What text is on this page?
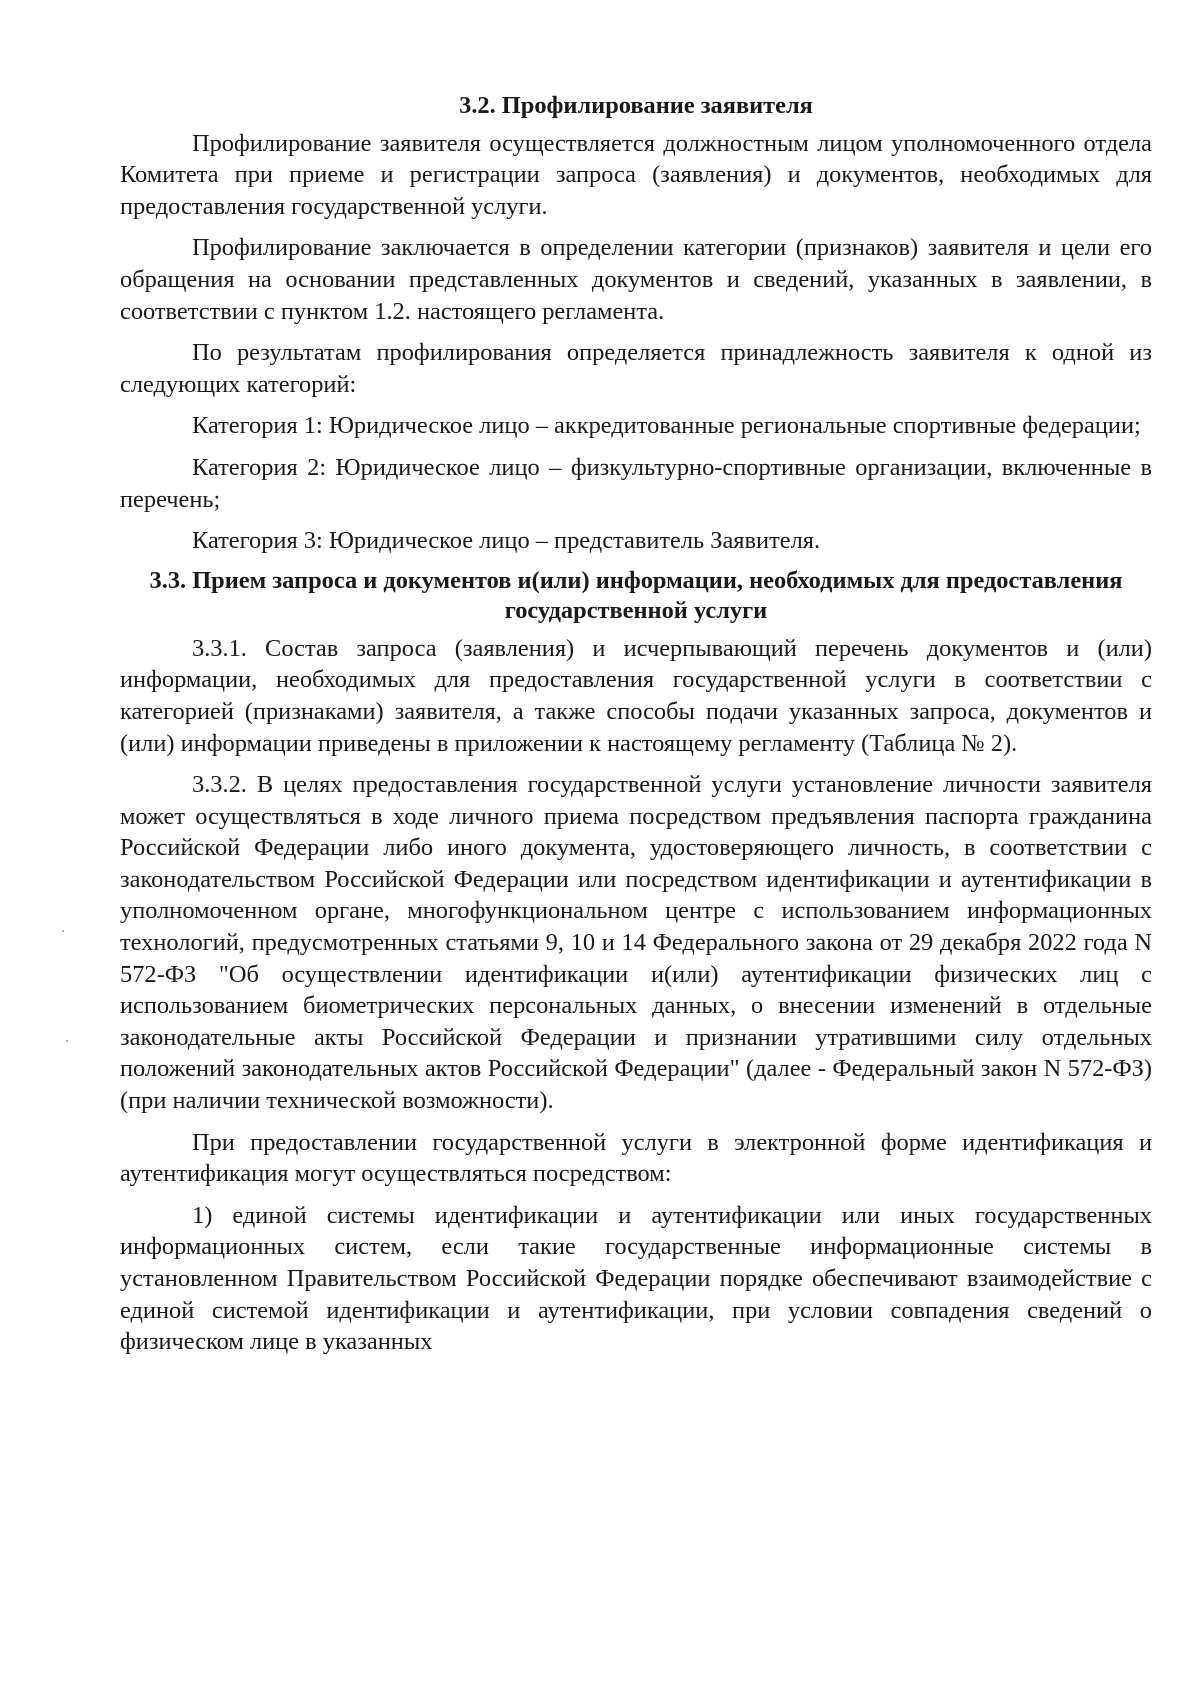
3.2. Профилирование заявителя

Профилирование заявителя осуществляется должностным лицом уполномоченного отдела Комитета при приеме и регистрации запроса (заявления) и документов, необходимых для предоставления государственной услуги.

Профилирование заключается в определении категории (признаков) заявителя и цели его обращения на основании представленных документов и сведений, указанных в заявлении, в соответствии с пунктом 1.2. настоящего регламента.

По результатам профилирования определяется принадлежность заявителя к одной из следующих категорий:

Категория 1: Юридическое лицо – аккредитованные региональные спортивные федерации;

Категория 2: Юридическое лицо – физкультурно-спортивные организации, включенные в перечень;

Категория 3: Юридическое лицо – представитель Заявителя.

3.3. Прием запроса и документов и(или) информации, необходимых для предоставления государственной услуги

3.3.1. Состав запроса (заявления) и исчерпывающий перечень документов и (или) информации, необходимых для предоставления государственной услуги в соответствии с категорией (признаками) заявителя, а также способы подачи указанных запроса, документов и (или) информации приведены в приложении к настоящему регламенту (Таблица № 2).

3.3.2. В целях предоставления государственной услуги установление личности заявителя может осуществляться в ходе личного приема посредством предъявления паспорта гражданина Российской Федерации либо иного документа, удостоверяющего личность, в соответствии с законодательством Российской Федерации или посредством идентификации и аутентификации в уполномоченном органе, многофункциональном центре с использованием информационных технологий, предусмотренных статьями 9, 10 и 14 Федерального закона от 29 декабря 2022 года N 572-ФЗ "Об осуществлении идентификации и(или) аутентификации физических лиц с использованием биометрических персональных данных, о внесении изменений в отдельные законодательные акты Российской Федерации и признании утратившими силу отдельных положений законодательных актов Российской Федерации" (далее - Федеральный закон N 572-ФЗ) (при наличии технической возможности).

При предоставлении государственной услуги в электронной форме идентификация и аутентификация могут осуществляться посредством:

1) единой системы идентификации и аутентификации или иных государственных информационных систем, если такие государственные информационные системы в установленном Правительством Российской Федерации порядке обеспечивают взаимодействие с единой системой идентификации и аутентификации, при условии совпадения сведений о физическом лице в указанных
